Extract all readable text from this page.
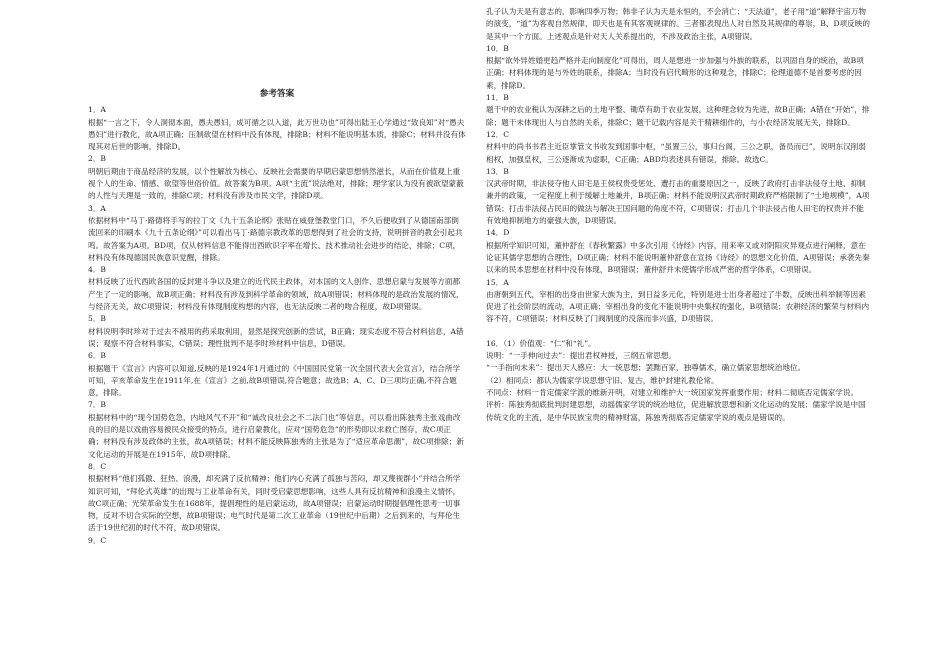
参考答案

1．A

根据“一言之下，令人洞彻本面，愚夫愚妇，成可循之以入道，此万世功也”可得出陆王心学通过“致良知”对“愚夫愚妇”进行教化，故A项正确；压制欲望在材料中没有体现，排除B；材料不能说明基本质，排除C；材料并没有体现其对后世的影响，排除D。

2．B

明朝后期由于商品经济的发展，以个性解放为核心、反映社会需要的早期启蒙思想悄然滋长，从而在价值观上重视个人的生命、情感、欲望等世俗价值。故答案为B项。A项“主流”说法绝对，排除；理学家认为没有被欲望蒙蔽的人性与天理是一致的，排除C项；材料没有涉及市民文学，排除D项。

3．A

依据材料中“马丁·路德将手写的拉丁文《九十五条论纲》张贴在威登堡教堂门口，不久后便收到了从德国南部倒流回来的印刷本《九十五条论纲》”可以看出马丁·路德宗教改革的思想得到了社会的支持，说明拼音的教会引起共鸣。故答案为A项。BD项，仅从材料信息不能得出西欧识字率在增长、技术推动社会进步的结论，排除；C项，材料没有体现德国民族意识觉醒，排除。

4．B

材料反映了近代西欧各国的反封建斗争以及建立的近代民主政体，对本国的文人创作、思想启蒙与发展等方面都产生了一定的影响，故B项正确；材料没有涉及到科学革命的领域，故A项错误；材料体现的是政治发展的情况，与经济无关，故C项错误；材料没有体现制度构想的内容，也无法反映二者的吻合程度，故D项错误。

5．B

材料说明李时珍对于过去不被用的药采取利用，显然是探究创新的尝试，B正确；现实态度不符合材料信息，A错误；观察不符合材料事实，C错误；理性批判不是李时珍材料中信息，D错误。

6．B

根据题干《宣言》内容可以知道,反映的是1924年1月通过的《中国国民党第一次全国代表大会宣言》，结合所学可知，辛亥革命发生在1911年,在《宣言》之前,故B项错误,符合题意；故选B；A、C、D三项均正确,不符合题意，排除。

7．B

根据材料中的“现今国势危急，内地风气不开”和“诚改良社会之不二法门也”等信息，可以看出陈独秀主张戏曲改良的目的是以戏曲容易被民众接受的特点，进行启蒙教化，应对“国势危急”的形势即以求救亡图存，故C项正确；材料没有涉及政体的主张，故A项错误；材料不能反映陈独秀的主张是为了“适应革命思潮”，故C项排除；新文化运动的开展是在1915年，故D项排除。

8．C

根据材料“他们孤傲、狂热、浪漫，却充满了反抗精神；他们内心充满了孤独与苦闷，却又蔑视群小”并结合所学知识可知，“拜伦式英雄”的出现与工业革命有关，同时受启蒙思想影响，这些人具有反抗精神和浪漫主义情怀，故C项正确；光荣革命发生在1688年，提倡理性的是启蒙运动，故A项错误；启蒙运动时期提倡理性思考一切事物，反对不切合实际的空想，故B项错误；电气时代是第二次工业革命（19世纪中后期）之后到来的，与拜伦生活于19世纪初的时代不符，故D项错误。

9．C

孔子认为天是有意志的，影响四季万物；韩非子认为天是永恒的，不会消亡；“天法道”，老子用“道”解释宇宙万物的演变，“道”为客观自然规律，即天也是有其客观规律的。三者都表现出人对自然及其规律的尊崇，B、D项反映的是其中一个方面。上述观点是针对天人关系提出的，不涉及政治主张，A项错误。

10．B

根据“欲外异姓婚更趋严格并走向制度化”可得出，周人是想进一步加强与外族的联系，以巩固自身的统治，故B项正确；材料体现的是与外姓的联系，排除A；当时没有启代畸形的这种观念，排除C；伦理道德不是首要考虑的因素，排除D。

11．B

题干中的农业税认为深耕之后的土地平整、锄草有助于农业发展，这种理念较为先进，故B正确；A错在“开始”，排除；题干未体现出人与自然的关系，排除C；题干记载内容是关于精耕细作的，与小农经济发展无关，排除D。

12．C

材料中的尚书书君主近臣掌管文书收发到国事中枢，“虽置三公，事归台阁，三公之职，备员而已”，说明东汉削弱相权，加强皇权，三公逐渐成为虚职，C正确；ABD均表述具有错误，排除。故选C。

13．B

汉武帝时期，非法侵夺他人田宅是王侯权贵受惩处、遭打击的重要原因之一，反映了政府打击非法侵夺土地、抑制兼并的政策，一定程度上利于缓解土地兼并，B项正确；材料不能说明汉武帝时期政府严格限制了“土地规模”，A项错误；打击非法侵占民田的做法与解决王国问题的角度不符，C项错误；打击几个非法侵占他人田宅的权贵并不能有效地抑制地方的豪强大族，D项错误。

14．D

根据所学知识可知，董仲舒在《春秋繁露》中多次引用《诗经》内容，用来率又或对阴阳灾异观点进行阐释，意在论证其儒学思想的合理性，D项正确；材料不能说明董仲舒意在宣扬《诗经》的思想文化价值，A项错误；承袭先秦以来的民本思想在材料中没有体现，B项错误；董仲舒并未使儒学形成严密的哲学体系，C项错误。

15．A

由唐朝到五代，宰相的出身由世家大族为主，到日益多元化，特别是进士出身者超过了半数，反映出科举制等因素促进了社会阶层的流动，A项正确；宰相出身的变化不能说明中央集权的强化，B项错误；农耕经济的繁荣与材料内容不符，C项错误；材料反映了门阀制度的没落而非兴盛，D项错误。

16．（1）价值观：“仁”和“礼”。

说明：“一手伸向过去”：提出君权神授，三纲五常思想。

“一手指向未来”：提出天人感应：大一统思想；罢黜百家，独尊儒术，确立儒家思想统治地位。

（2）相同点：都认为儒家学说思想守旧、复古，维护封建礼教伦常。

不同点：材料一肯定儒家学派的维新开明，对建立和维护大一统国家发挥重要作用；材料二彻底否定儒家学说。

评析：陈独秀彻底批判封建思想，动摇儒家学说的统治地位，促进解放思想和新文化运动的发展；儒家学说是中国传统文化的主流，是中华民族宝贵的精神财富，陈独秀彻底否定儒家学说的观点是错误的。
